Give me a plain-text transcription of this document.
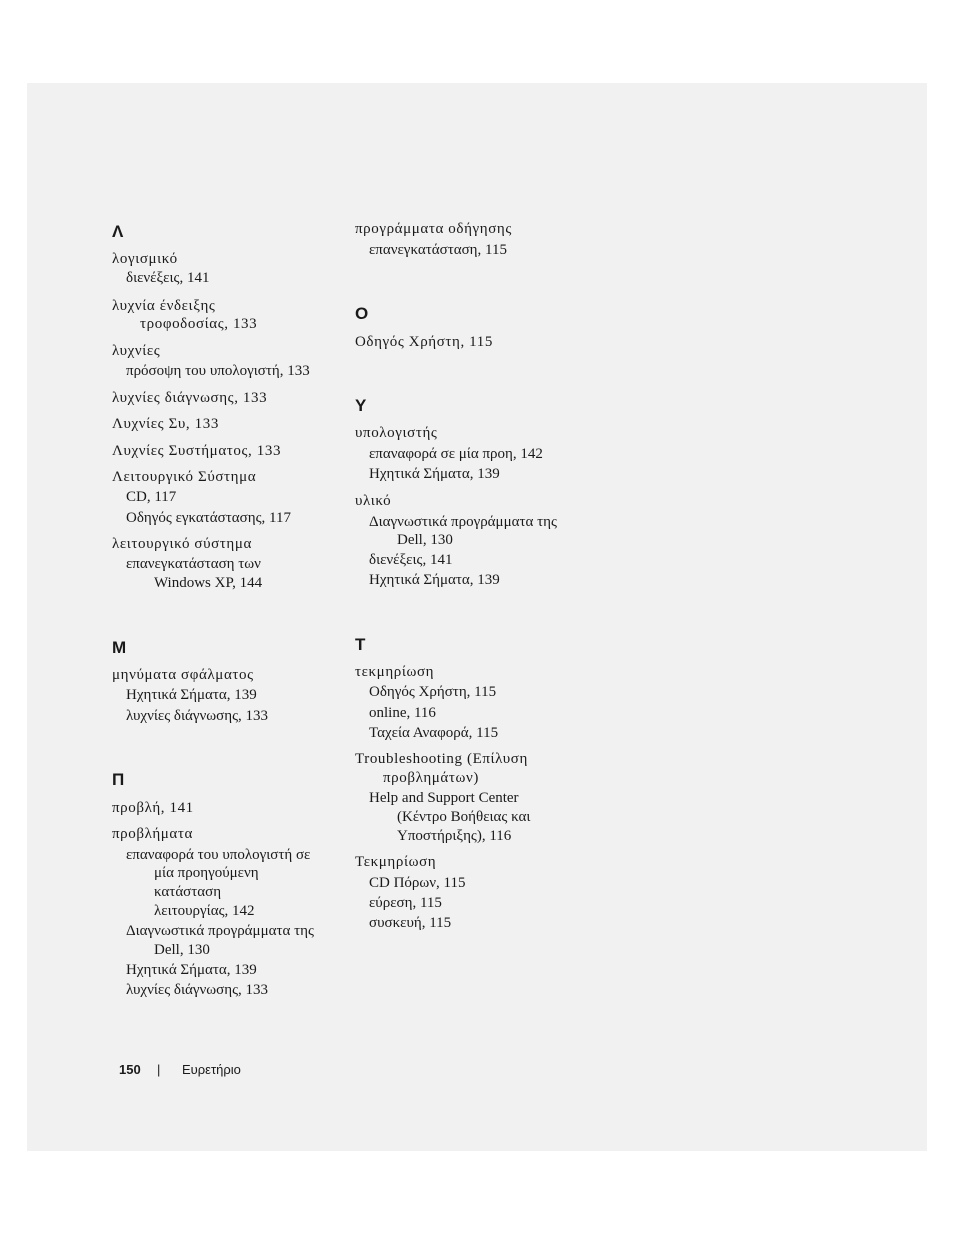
Λ
λογισμικό
διενέξεις, 141
λυχνία ένδειξης
τροφοδοσίας, 133
λυχνίες
πρόσοψη του υπολογιστή, 133
λυχνίες διάγνωσης, 133
Λυχνίες Συ, 133
Λυχνίες Συστήματος, 133
Λειτουργικό Σύστημα
CD, 117
Οδηγός εγκατάστασης, 117
λειτουργικό σύστημα
επανεγκατάσταση των
Windows XP, 144
Μ
μηνύματα σφάλματος
Ηχητικά Σήματα, 139
λυχνίες διάγνωσης, 133
Π
προβλή, 141
προβλήματα
επαναφορά του υπολογιστή σε
μία προηγούμενη
κατάσταση
λειτουργίας, 142
Διαγνωστικά προγράμματα της
Dell, 130
Ηχητικά Σήματα, 139
λυχνίες διάγνωσης, 133
προγράμματα οδήγησης
επανεγκατάσταση, 115
Ο
Οδηγός Χρήστη, 115
Υ
υπολογιστής
επαναφορά σε μία προη, 142
Ηχητικά Σήματα, 139
υλικό
Διαγνωστικά προγράμματα της
Dell, 130
διενέξεις, 141
Ηχητικά Σήματα, 139
Τ
τεκμηρίωση
Οδηγός Χρήστη, 115
online, 116
Ταχεία Αναφορά, 115
Troubleshooting (Επίλυση
προβλημάτων)
Help and Support Center
(Κέντρο Βοήθειας και
Υποστήριξης), 116
Τεκμηρίωση
CD Πόρων, 115
εύρεση, 115
συσκευή, 115
150 | Ευρετήριο
